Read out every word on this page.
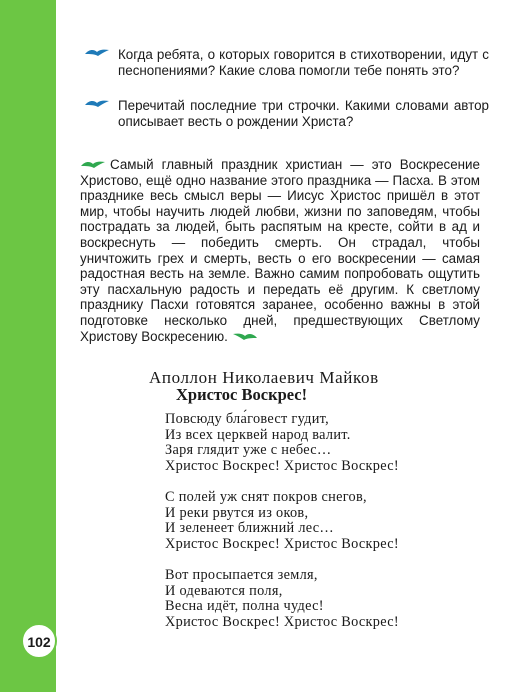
Когда ребята, о которых говорится в стихотворении, идут с песнопениями? Какие слова помогли тебе понять это?
Перечитай последние три строчки. Какими словами автор описывает весть о рождении Христа?
Самый главный праздник христиан — это Воскресение Христово, ещё одно название этого праздника — Пасха. В этом празднике весь смысл веры — Иисус Христос пришёл в этот мир, чтобы научить людей любви, жизни по заповедям, чтобы пострадать за людей, быть распятым на кресте, сойти в ад и воскреснуть — победить смерть. Он страдал, чтобы уничтожить грех и смерть, весть о его воскресении — самая радостная весть на земле. Важно самим попробовать ощутить эту пасхальную радость и передать её другим. К светлому празднику Пасхи готовятся заранее, особенно важны в этой подготовке несколько дней, предшествующих Светлому Христову Воскресению.
Аполлон Николаевич Майков
Христос Воскрес!
Повсюду бла́говест гудит,
Из всех церквей народ валит.
Заря глядит уже с небес…
Христос Воскрес! Христос Воскрес!
С полей уж снят покров снегов,
И реки рвутся из оков,
И зеленеет ближний лес…
Христос Воскрес! Христос Воскрес!
Вот просыпается земля,
И одеваются поля,
Весна идёт, полна чудес!
Христос Воскрес! Христос Воскрес!
102
